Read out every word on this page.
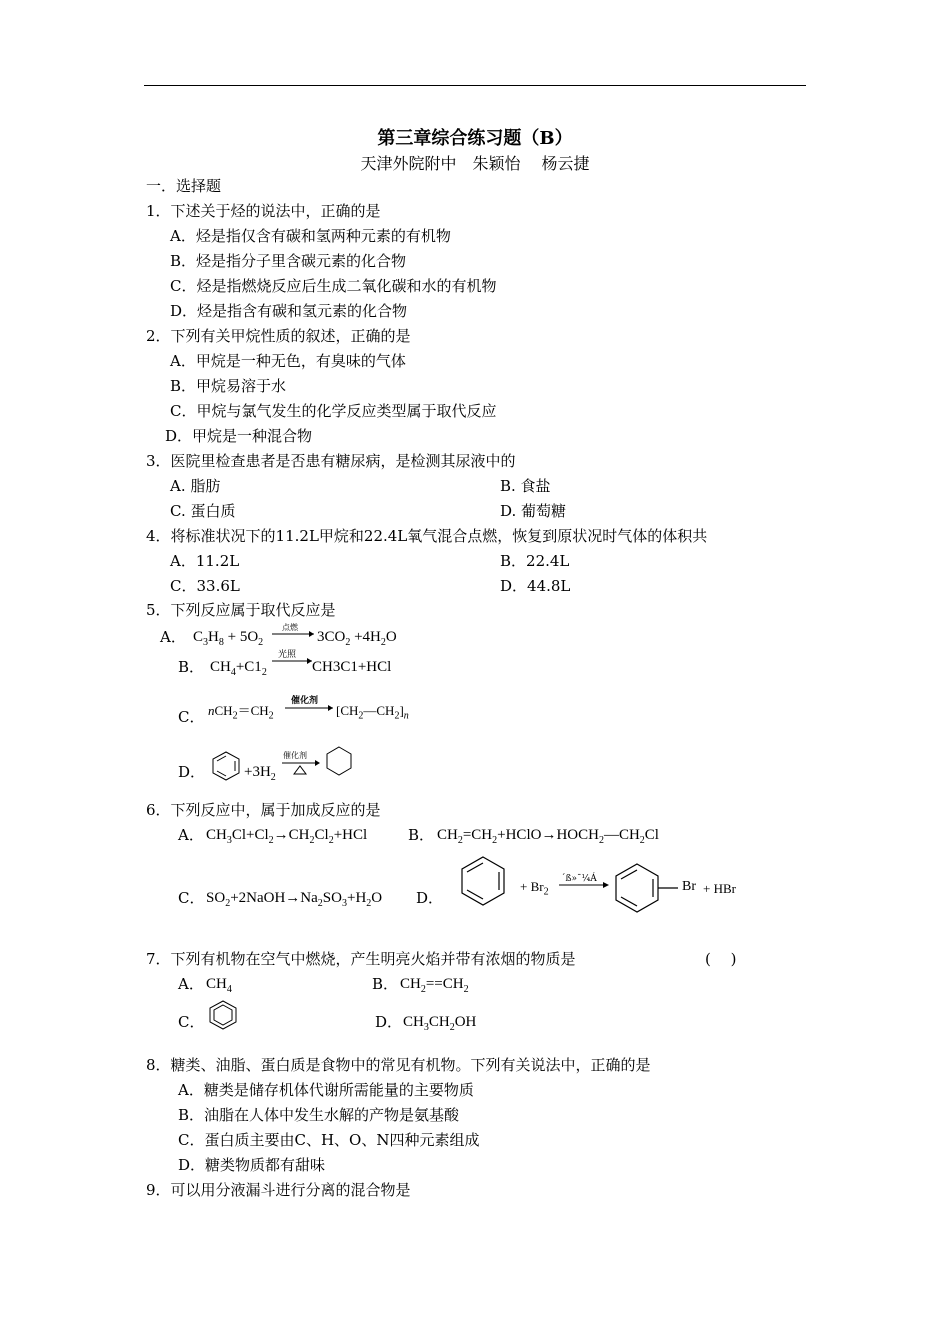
第三章综合练习题（B）
天津外院附中　朱颖怡　 杨云捷
一．选择题
1．下述关于烃的说法中，正确的是
A．烃是指仅含有碳和氢两种元素的有机物
B．烃是指分子里含碳元素的化合物
C．烃是指燃烧反应后生成二氧化碳和水的有机物
D．烃是指含有碳和氢元素的化合物
2．下列有关甲烷性质的叙述，正确的是
A．甲烷是一种无色，有臭味的气体
B．甲烷易溶于水
C．甲烷与氯气发生的化学反应类型属于取代反应
D．甲烷是一种混合物
3．医院里检查患者是否患有糖尿病，是检测其尿液中的
A. 脂肪	B. 食盐
C. 蛋白质	D. 葡萄糖
4．将标准状况下的11.2L甲烷和22.4L氧气混合点燃，恢复到原状况时气体的体积共
A．11.2L	B．22.4L
C．33.6L	D．44.8L
5．下列反应属于取代反应是
A． $C_3H_8 + 5O_2$
点燃
$3CO_2 +4H_2O$
B． $CH_4+C1_2$
光照
CH3C1+HCl
C． $nCH_2=CH_2$
催化剂
$[CH_2—CH_2]_n$
D．	$+3H_2$
催化剂
6．下列反应中，属于加成反应的是
A． $CH_3Cl+Cl_2\to CH_2Cl_2+HCl$	B． $CH_2=CH_2+HClO\to HOCH_2—CH_2Cl$
C． $SO_2+2NaOH\to Na_2SO_3+H_2O$ D．
+ $Br_2$
´ß»¯¼Á	Br + HBr
7．下列有机物在空气中燃烧，产生明亮火焰并带有浓烟的物质是	(　 )
A． $CH_4$	B． $CH_2==CH_2$
C．	D． $CH_3CH_2OH$
8．糖类、油脂、蛋白质是食物中的常见有机物。下列有关说法中，正确的是
A．糖类是储存机体代谢所需能量的主要物质
B．油脂在人体中发生水解的产物是氨基酸
C．蛋白质主要由C、H、O、N四种元素组成
D．糖类物质都有甜味
9．可以用分液漏斗进行分离的混合物是
